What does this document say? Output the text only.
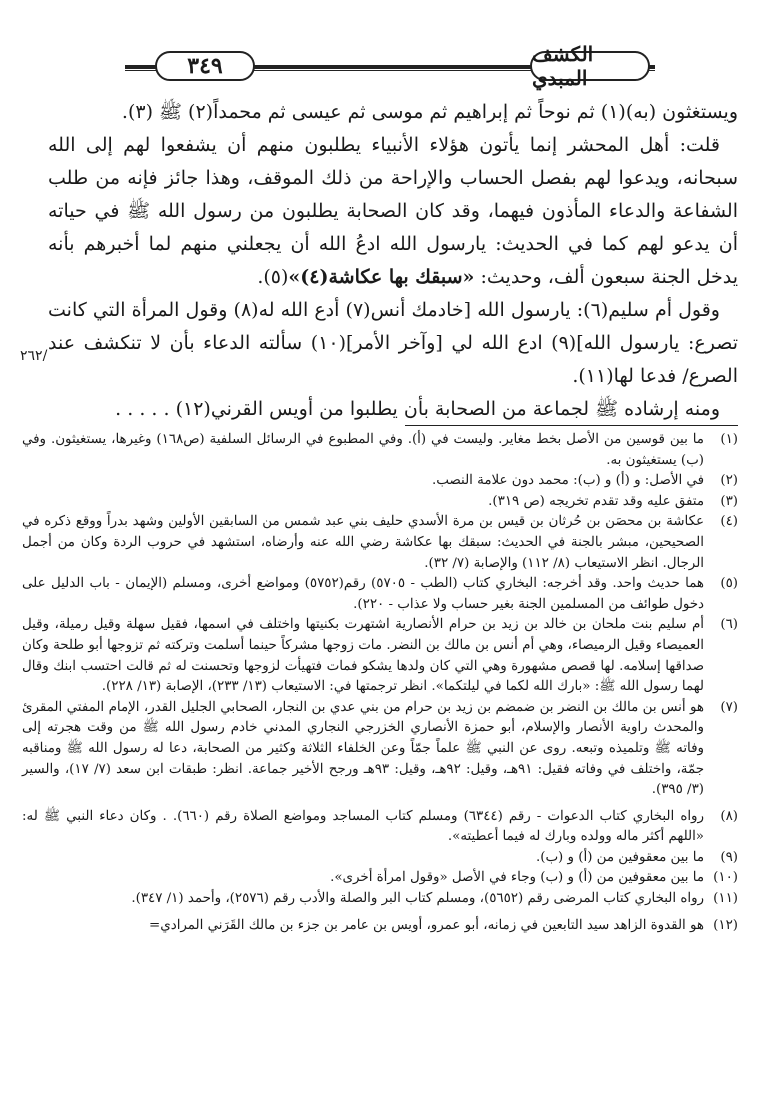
٣٤٩	الكشف المبدي

ويستغثون (به)(١) ثم نوحاً ثم إبراهيم ثم موسى ثم عيسى ثم محمداً(٢) ﷺ (٣).

قلت: أهل المحشر إنما يأتون هؤلاء الأنبياء يطلبون منهم أن يشفعوا لهم إلى الله سبحانه، ويدعوا لهم بفصل الحساب والإراحة من ذلك الموقف، وهذا جائز فإنه من طلب الشفاعة والدعاء المأذون فيهما، وقد كان الصحابة يطلبون من رسول الله ﷺ في حياته أن يدعو لهم كما في الحديث: يارسول الله ادعُ الله أن يجعلني منهم لما أخبرهم بأنه يدخل الجنة سبعون ألف، وحديث: «سبقك بها عكاشة(٤)»(٥).

وقول أم سليم(٦): يارسول الله [خادمك أنس(٧) أدع الله له(٨) وقول المرأة التي كانت تصرع: يارسول الله](٩) ادع الله لي [وآخر الأمر](١٠) سألته الدعاء بأن لا تنكشف عند الصرع/ فدعا لها(١١).

ومنه إرشاده ﷺ لجماعة من الصحابة بأن يطلبوا من أويس القرني(١٢) . . . . .

٢٦٢/
(١)
ما بين قوسين من الأصل بخط مغاير. وليست في (أ). وفي المطبوع في الرسائل السلفية (ص١٦٨) وغيرها، يستغيثون. وفي (ب) يستغيثون به.
(٢)
في الأصل: و (أ) و (ب): محمد دون علامة النصب.
(٣)
متفق عليه وقد تقدم تخريجه (ص ٣١٩).
(٤)
عكاشة بن محصَن بن حُرثان بن قيس بن مرة الأسدي حليف بني عبد شمس من السابقين الأولين وشهد بدراً ووقع ذكره في الصحيحين، مبشر بالجنة في الحديث: سبقك بها عكاشة رضي الله عنه وأرضاه، استشهد في حروب الردة وكان من أجمل الرجال. انظر الاستيعاب (٨/ ١١٢) والإصابة (٧/ ٣٢).
(٥)
هما حديث واحد. وقد أخرجه: البخاري كتاب (الطب - ٥٧٠٥) رقم(٥٧٥٢) ومواضع أخرى، ومسلم (الإيمان - باب الدليل على دخول طوائف من المسلمين الجنة بغير حساب ولا عذاب - ٢٢٠).
(٦)
أم سليم بنت ملحان بن خالد بن زيد بن حرام الأنصارية اشتهرت بكنيتها واختلف في اسمها، فقيل سهلة وقيل رميلة، وقيل العميصاء وقيل الرميصاء، وهي أم أنس بن مالك بن النضر. مات زوجها مشركاً حينما أسلمت وتركته ثم تزوجها أبو طلحة وكان صداقها إسلامه. لها قصص مشهورة وهي التي كان ولدها يشكو فمات فتهيأت لزوجها وتحسنت له ثم قالت احتسب ابنك وقال لهما رسول الله ﷺ: «بارك الله لكما في ليلتكما». انظر ترجمتها في: الاستيعاب (١٣/ ٢٣٣)، الإصابة (١٣/ ٢٢٨).
(٧)
هو أنس بن مالك بن النضر بن ضمضم بن زيد بن حرام من بني عدي بن النجار، الصحابي الجليل القدر، الإمام المفتي المقرئ والمحدث راوية الأنصار والإسلام، أبو حمزة الأنصاري الخزرجي النجاري المدني خادم رسول الله ﷺ من وقت هجرته إلى وفاته ﷺ وتلميذه وتبعه. روى عن النبي ﷺ علماً جمّاً وعن الخلفاء الثلاثة وكثير من الصحابة، دعا له رسول الله ﷺ ومناقبه جمّة، واختلف في وفاته فقيل: ٩١هـ، وقيل: ٩٢هـ، وقيل: ٩٣هـ ورجح الأخير جماعة. انظر: طبقات ابن سعد (٧/ ١٧)، والسير (٣/ ٣٩٥).
(٨)
رواه البخاري كتاب الدعوات - رقم (٦٣٤٤) ومسلم كتاب المساجد ومواضع الصلاة رقم (٦٦٠). . وكان دعاء النبي ﷺ له: «اللهم أكثر ماله وولده وبارك له فيما أعطيته».
(٩)
ما بين معقوفين من (أ) و (ب).
(١٠)
ما بين معقوفين من (أ) و (ب) وجاء في الأصل «وقول امرأة أخرى».
(١١)
رواه البخاري كتاب المرضى رقم (٥٦٥٢)، ومسلم كتاب البر والصلة والأدب رقم (٢٥٧٦)، وأحمد (١/ ٣٤٧).
(١٢)
هو القدوة الزاهد سيد التابعين في زمانه، أبو عمرو، أويس بن عامر بن جزء بن مالك القَرَني المرادي=
